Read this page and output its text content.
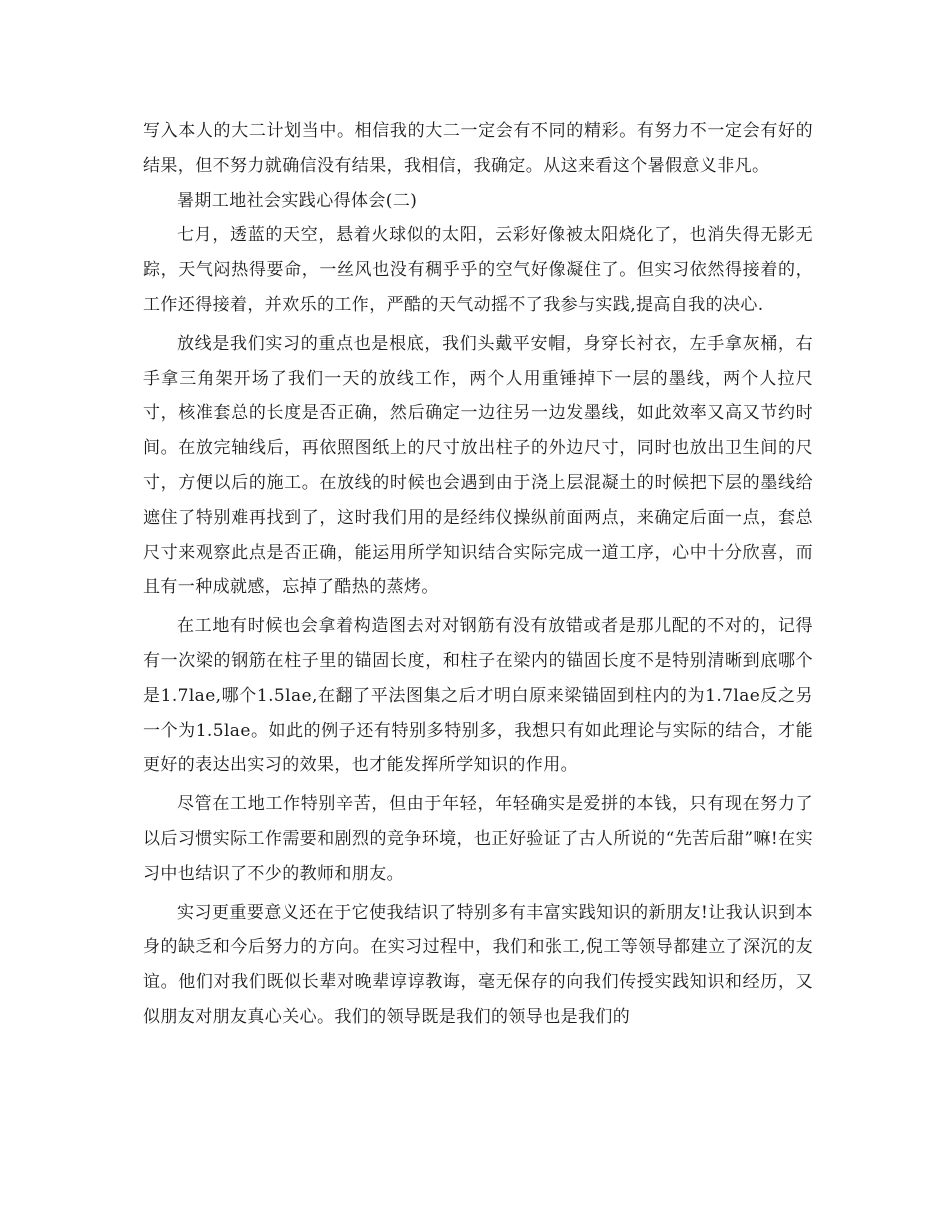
写入本人的大二计划当中。相信我的大二一定会有不同的精彩。有努力不一定会有好的结果，但不努力就确信没有结果，我相信，我确定。从这来看这个暑假意义非凡。

暑期工地社会实践心得体会(二)

七月，透蓝的天空，悬着火球似的太阳，云彩好像被太阳烧化了，也消失得无影无踪，天气闷热得要命，一丝风也没有稠乎乎的空气好像凝住了。但实习依然得接着的，工作还得接着，并欢乐的工作，严酷的天气动摇不了我参与实践,提高自我的决心.

放线是我们实习的重点也是根底，我们头戴平安帽，身穿长衬衣，左手拿灰桶，右手拿三角架开场了我们一天的放线工作，两个人用重锤掉下一层的墨线，两个人拉尺寸，核准套总的长度是否正确，然后确定一边往另一边发墨线，如此效率又高又节约时间。在放完轴线后，再依照图纸上的尺寸放出柱子的外边尺寸，同时也放出卫生间的尺寸，方便以后的施工。在放线的时候也会遇到由于浇上层混凝土的时候把下层的墨线给遮住了特别难再找到了，这时我们用的是经纬仪操纵前面两点，来确定后面一点，套总尺寸来观察此点是否正确，能运用所学知识结合实际完成一道工序，心中十分欣喜，而且有一种成就感，忘掉了酷热的蒸烤。

在工地有时候也会拿着构造图去对对钢筋有没有放错或者是那儿配的不对的，记得有一次梁的钢筋在柱子里的锚固长度，和柱子在梁内的锚固长度不是特别清晰到底哪个是1.7lae,哪个1.5lae,在翻了平法图集之后才明白原来梁锚固到柱内的为1.7lae反之另一个为1.5lae。如此的例子还有特别多特别多，我想只有如此理论与实际的结合，才能更好的表达出实习的效果，也才能发挥所学知识的作用。

尽管在工地工作特别辛苦，但由于年轻，年轻确实是爱拼的本钱，只有现在努力了以后习惯实际工作需要和剧烈的竞争环境，也正好验证了古人所说的“先苦后甜”嘛!在实习中也结识了不少的教师和朋友。

实习更重要意义还在于它使我结识了特别多有丰富实践知识的新朋友!让我认识到本身的缺乏和今后努力的方向。在实习过程中，我们和张工,倪工等领导都建立了深沉的友谊。他们对我们既似长辈对晚辈谆谆教诲，毫无保存的向我们传授实践知识和经历，又似朋友对朋友真心关心。我们的领导既是我们的领导也是我们的
